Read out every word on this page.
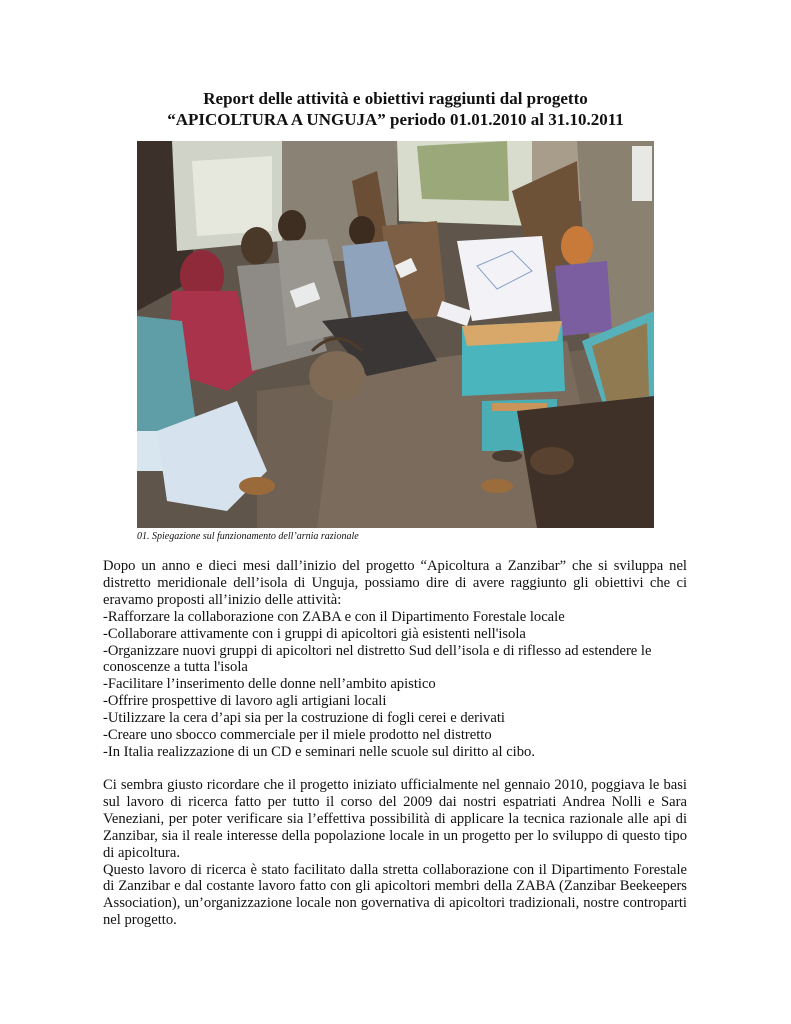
Report delle attività e obiettivi raggiunti dal progetto
“APICOLTURA A UNGUJA” periodo 01.01.2010 al 31.10.2011
01. Spiegazione sul funzionamento dell’arnia razionale
Dopo un anno e dieci mesi dall’inizio del progetto “Apicoltura a Zanzibar” che si sviluppa nel
distretto meridionale dell’isola di Unguja, possiamo dire di avere raggiunto gli obiettivi che ci
eravamo proposti all’inizio delle attività:
-Rafforzare la collaborazione con ZABA e con il Dipartimento Forestale locale
-Collaborare attivamente con i gruppi di apicoltori già esistenti nell'isola
-Organizzare nuovi gruppi di apicoltori nel distretto Sud dell’isola e di riflesso ad estendere le
conoscenze a tutta l'isola
-Facilitare l’inserimento delle donne nell’ambito apistico
-Offrire prospettive di lavoro agli artigiani locali
-Utilizzare la cera d’api sia per la costruzione di fogli cerei e derivati
-Creare uno sbocco commerciale per il miele prodotto nel distretto
-In Italia realizzazione di un CD e seminari nelle scuole sul diritto al cibo.
Ci sembra giusto ricordare che il progetto iniziato ufficialmente nel gennaio 2010, poggiava le basi
sul lavoro di ricerca fatto per tutto il corso del 2009 dai nostri espatriati Andrea Nolli e Sara
Veneziani, per poter verificare sia l’effettiva possibilità di applicare la tecnica razionale alle api di
Zanzibar, sia il reale interesse della popolazione locale in un progetto per lo sviluppo di questo tipo
di apicoltura.
Questo lavoro di ricerca è stato facilitato dalla stretta collaborazione con il Dipartimento Forestale
di Zanzibar e dal costante lavoro fatto con gli apicoltori membri della ZABA (Zanzibar Beekeepers
Association), un’organizzazione locale non governativa di apicoltori tradizionali, nostre controparti
nel progetto.
